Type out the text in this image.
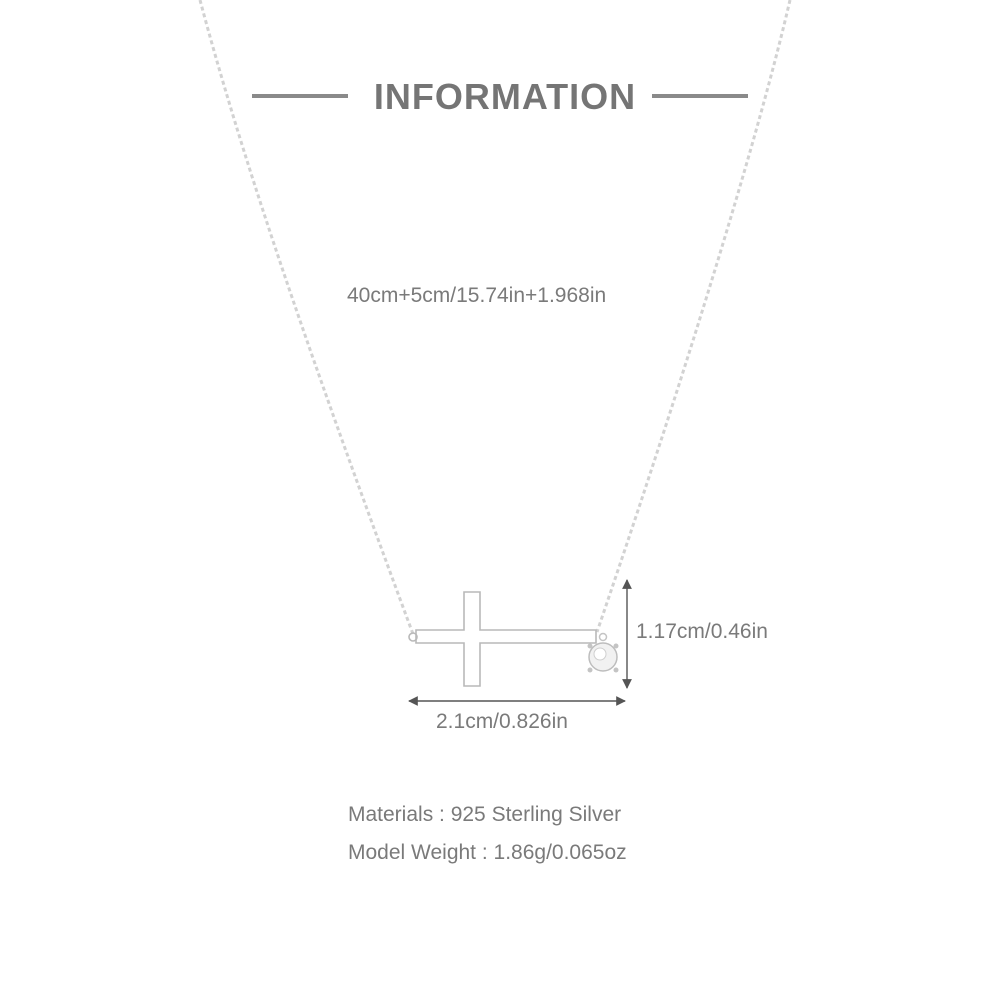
INFORMATION
40cm+5cm/15.74in+1.968in
1.17cm/0.46in
2.1cm/0.826in
Materials : 925 Sterling Silver
Model Weight : 1.86g/0.065oz
